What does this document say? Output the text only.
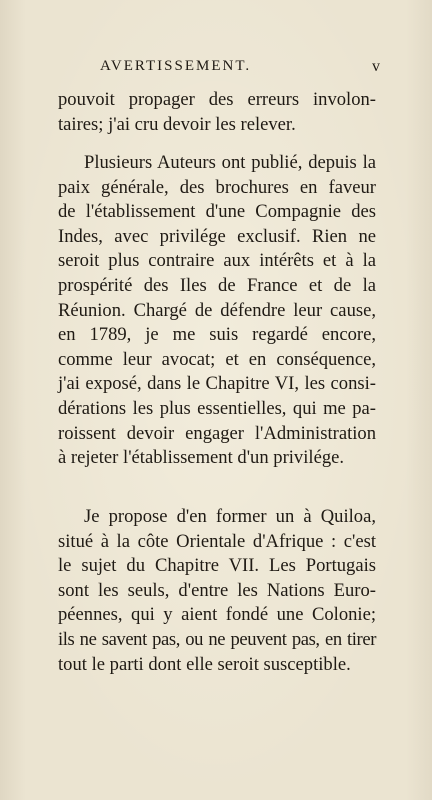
AVERTISSEMENT.	v
pouvoit propager des erreurs involon-
taires; j'ai cru devoir les relever.
Plusieurs Auteurs ont publié, depuis la
paix générale, des brochures en faveur
de l'établissement d'une Compagnie des
Indes, avec privilége exclusif. Rien ne
seroit plus contraire aux intérêts et à la
prospérité des Iles de France et de la
Réunion. Chargé de défendre leur cause,
en 1789, je me suis regardé encore,
comme leur avocat; et en conséquence,
j'ai exposé, dans le Chapitre VI, les consi-
dérations les plus essentielles, qui me pa-
roissent devoir engager l'Administration
à rejeter l'établissement d'un privilége.
Je propose d'en former un à Quiloa,
situé à la côte Orientale d'Afrique : c'est
le sujet du Chapitre VII. Les Portugais
sont les seuls, d'entre les Nations Euro-
péennes, qui y aient fondé une Colonie;
ils ne savent pas, ou ne peuvent pas, en tirer
tout le parti dont elle seroit susceptible.
